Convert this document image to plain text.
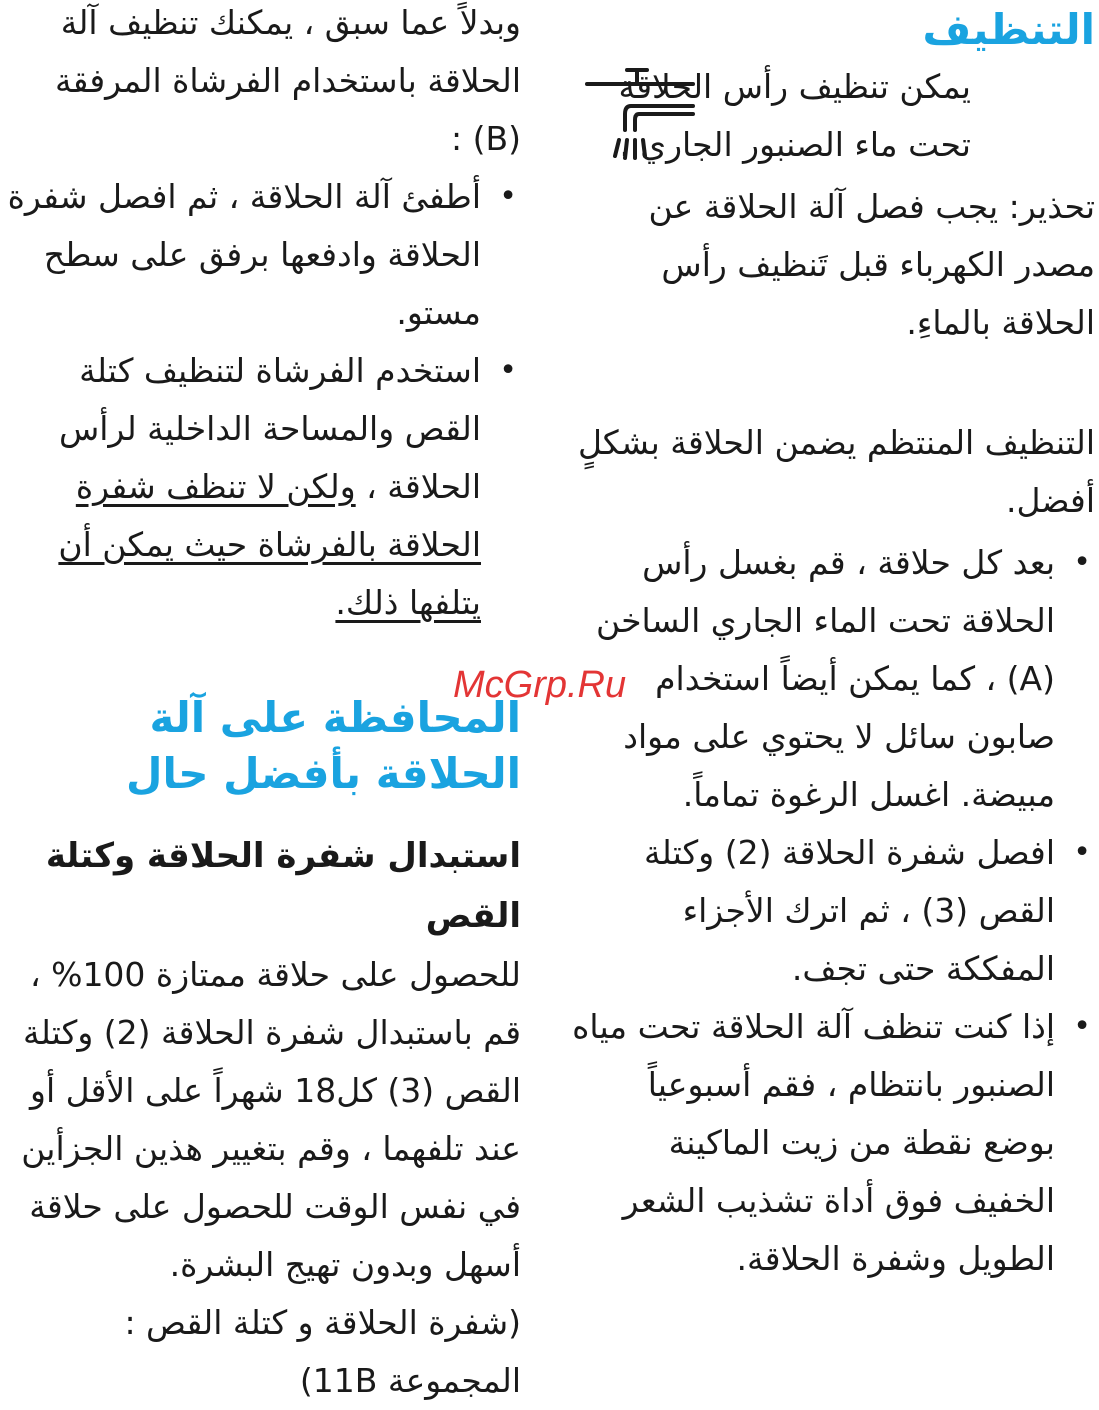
التنظيف

يمكن تنظيف رأس الحلاقة

تحت ماء الصنبور الجاري .

تحذير: يجب فصل آلة الحلاقة عن مصدر الكهرباء قبل تَنظيف رأس الحلاقة بالماءِ.

التنظيف المنتظم يضمن الحلاقة بشكلٍ أفضل.

•
بعد كل حلاقة ، قم بغسل رأس الحلاقة تحت الماء الجاري الساخن (A) ، كما يمكن أيضاً استخدام صابون سائل لا يحتوي على مواد مبيضة. اغسل الرغوة تماماً.
•
افصل شفرة الحلاقة (2) وكتلة القص (3) ، ثم اترك الأجزاء المفككة حتى تجف.
•
إذا كنت تنظف آلة الحلاقة تحت مياه الصنبور بانتظام ، فقم أسبوعياً بوضع نقطة من زيت الماكينة الخفيف فوق أداة تشذيب الشعر الطويل وشفرة الحلاقة.

وبدلاً عما سبق ، يمكنك تنظيف آلة الحلاقة باستخدام الفرشاة المرفقة (B) :

•
أطفئ آلة الحلاقة ، ثم افصل شفرة الحلاقة وادفعها برفق على سطح مستو.
•
استخدم الفرشاة لتنظيف كتلة القص والمساحة الداخلية لرأس الحلاقة ، ولكن لا تنظف شفرة الحلاقة بالفرشاة حيث يمكن أن يتلفها ذلك.
المحافظة على آلة الحلاقة بأفضل حال
استبدال شفرة الحلاقة وكتلة القص

للحصول على حلاقة ممتازة 100% ، قم باستبدال شفرة الحلاقة (2) وكتلة القص (3) كل18 شهراً على الأقل أو عند تلفهما ، وقم بتغيير هذين الجزأين في نفس الوقت للحصول على حلاقة أسهل وبدون تهيج البشرة.

(شفرة الحلاقة و كتلة القص : المجموعة 11B)

McGrp.Ru
